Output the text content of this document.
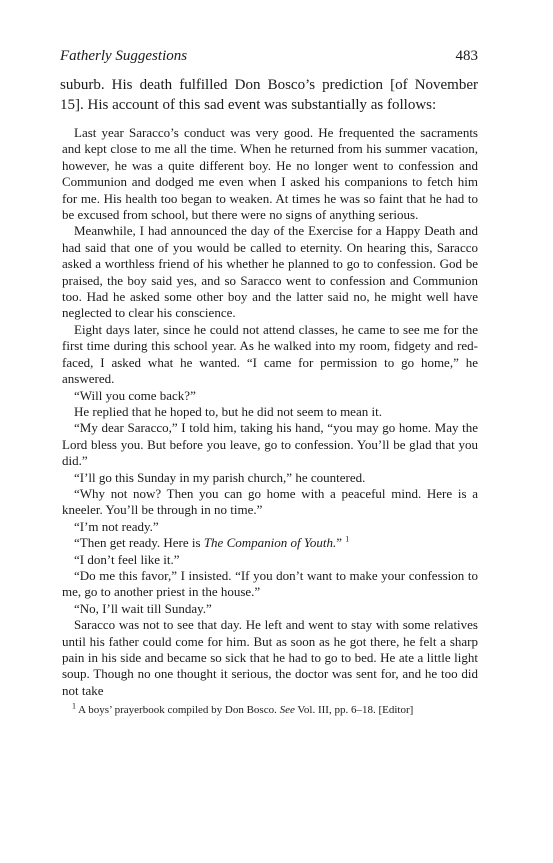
Fatherly Suggestions	483

suburb. His death fulfilled Don Bosco’s prediction [of November 15]. His account of this sad event was substantially as follows:

Last year Saracco’s conduct was very good. He frequented the sacraments and kept close to me all the time. When he returned from his summer vacation, however, he was a quite different boy. He no longer went to confession and Communion and dodged me even when I asked his companions to fetch him for me. His health too began to weaken. At times he was so faint that he had to be excused from school, but there were no signs of anything serious.

Meanwhile, I had announced the day of the Exercise for a Happy Death and had said that one of you would be called to eternity. On hearing this, Saracco asked a worthless friend of his whether he planned to go to confession. God be praised, the boy said yes, and so Saracco went to confession and Communion too. Had he asked some other boy and the latter said no, he might well have neglected to clear his conscience.

Eight days later, since he could not attend classes, he came to see me for the first time during this school year. As he walked into my room, fidgety and red-faced, I asked what he wanted. “I came for permission to go home,” he answered.

“Will you come back?”

He replied that he hoped to, but he did not seem to mean it.

“My dear Saracco,” I told him, taking his hand, “you may go home. May the Lord bless you. But before you leave, go to confession. You’ll be glad that you did.”

“I’ll go this Sunday in my parish church,” he countered.

“Why not now? Then you can go home with a peaceful mind. Here is a kneeler. You’ll be through in no time.”

“I’m not ready.”

“Then get ready. Here is The Companion of Youth.” $^1$

“I don’t feel like it.”

“Do me this favor,” I insisted. “If you don’t want to make your confession to me, go to another priest in the house.”

“No, I’ll wait till Sunday.”

Saracco was not to see that day. He left and went to stay with some relatives until his father could come for him. But as soon as he got there, he felt a sharp pain in his side and became so sick that he had to go to bed. He ate a little light soup. Though no one thought it serious, the doctor was sent for, and he too did not take

$^1$ A boys’ prayerbook compiled by Don Bosco. See Vol. III, pp. 6–18. [Editor]
